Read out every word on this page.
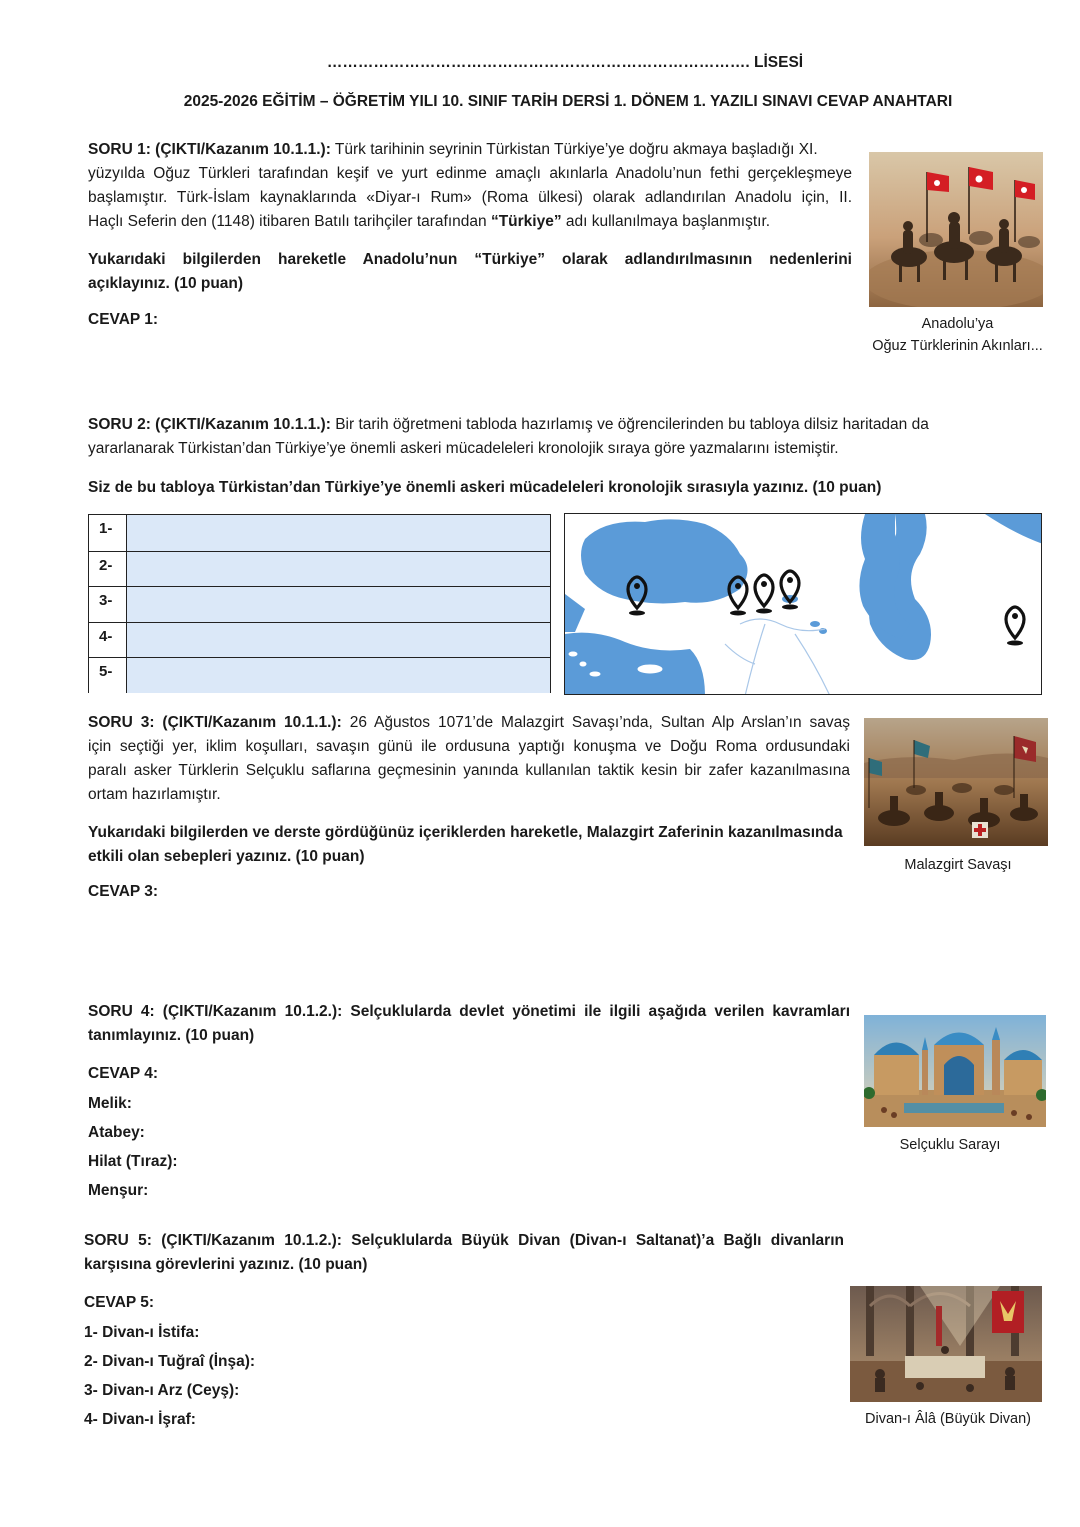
………………………………………………………………………. LİSESİ
2025-2026 EĞİTİM – ÖĞRETİM YILI 10. SINIF TARİH DERSİ 1. DÖNEM 1. YAZILI SINAVI CEVAP ANAHTARI
SORU 1: (ÇIKTI/Kazanım 10.1.1.): Türk tarihinin seyrinin Türkistan Türkiye’ye doğru akmaya başladığı XI.
yüzyılda Oğuz Türkleri tarafından keşif ve yurt edinme amaçlı akınlarla Anadolu’nun fethi gerçekleşmeye
başlamıştır. Türk-İslam kaynaklarında «Diyar-ı Rum» (Roma ülkesi) olarak adlandırılan Anadolu için, II.
Haçlı Seferin den (1148) itibaren Batılı tarihçiler tarafından “Türkiye” adı kullanılmaya başlanmıştır.
Yukarıdaki bilgilerden hareketle Anadolu’nun “Türkiye” olarak adlandırılmasının nedenlerini
açıklayınız. (10 puan)
CEVAP 1:	Anadolu’ya
Oğuz Türklerinin Akınları...
SORU 2: (ÇIKTI/Kazanım 10.1.1.): Bir tarih öğretmeni tabloda hazırlamış ve öğrencilerinden bu tabloya dilsiz haritadan da
yararlanarak Türkistan’dan Türkiye’ye önemli askeri mücadeleleri kronolojik sıraya göre yazmalarını istemiştir.
Siz de bu tabloya Türkistan’dan Türkiye’ye önemli askeri mücadeleleri kronolojik sırasıyla yazınız. (10 puan)
1-
2-
3-
4-
5-
SORU 3: (ÇIKTI/Kazanım 10.1.1.): 26 Ağustos 1071’de Malazgirt Savaşı’nda, Sultan Alp Arslan’ın savaş
için seçtiği yer, iklim koşulları, savaşın günü ile ordusuna yaptığı konuşma ve Doğu Roma ordusundaki
paralı asker Türklerin Selçuklu saflarına geçmesinin yanında kullanılan taktik kesin bir zafer kazanılmasına
ortam hazırlamıştır.
Yukarıdaki bilgilerden ve derste gördüğünüz içeriklerden hareketle, Malazgirt Zaferinin kazanılmasında
etkili olan sebepleri yazınız. (10 puan)
CEVAP 3:
Malazgirt Savaşı
SORU 4: (ÇIKTI/Kazanım 10.1.2.): Selçuklularda devlet yönetimi ile ilgili aşağıda verilen kavramları
tanımlayınız. (10 puan)
CEVAP 4:
Melik:
Atabey:
Hilat (Tıraz):
Menşur:
Selçuklu Sarayı
SORU 5: (ÇIKTI/Kazanım 10.1.2.): Selçuklularda Büyük Divan (Divan-ı Saltanat)’a Bağlı divanların
karşısına görevlerini yazınız. (10 puan)
CEVAP 5:
1- Divan-ı İstifa:
2- Divan-ı Tuğraî (İnşa):
3- Divan-ı Arz (Ceyş):
4- Divan-ı İşraf:	Divan-ı Âlâ (Büyük Divan)
